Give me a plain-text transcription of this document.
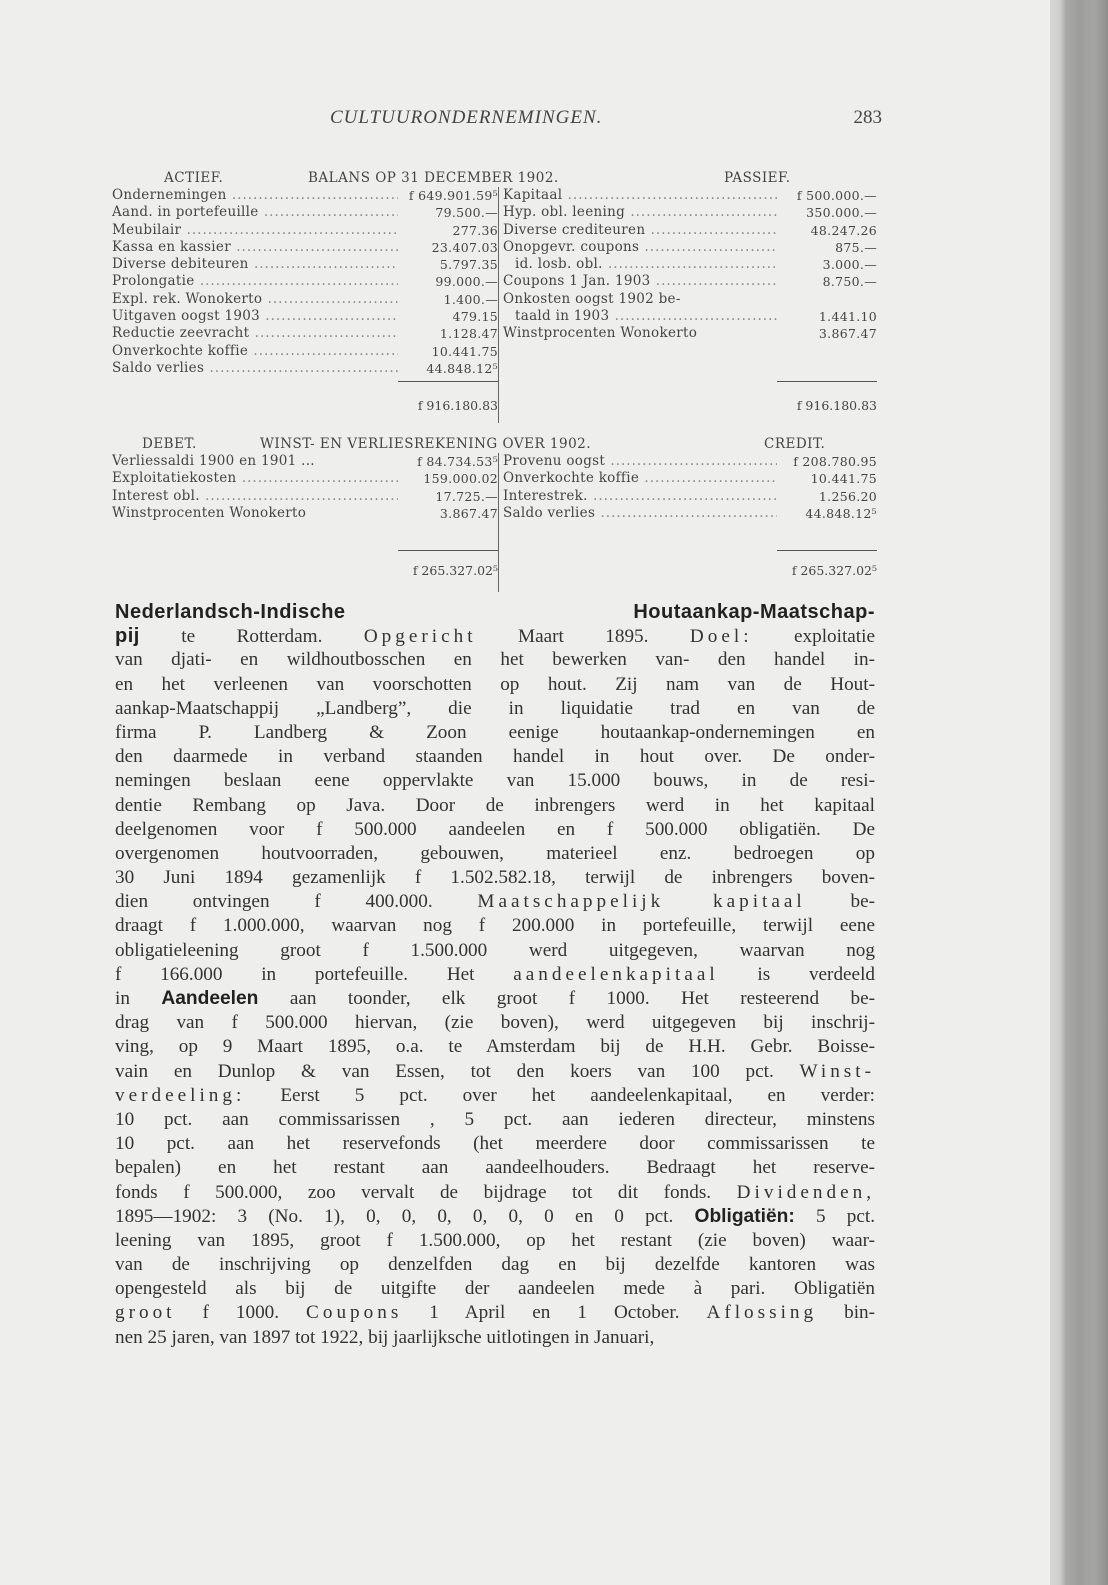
CULTUURONDERNEMINGEN.	283
ACTIEF.	BALANS OP 31 DECEMBER 1902.	PASSIEF.
Ondernemingen .....	f 649.901.59⁵
Aand. in portefeuille .....	79.500.—
Meubilair .....	277.36
Kassa en kassier .....	23.407.03
Diverse debiteuren .....	5.797.35
Prolongatie .....	99.000.—
Expl. rek. Wonokerto .....	1.400.—
Uitgaven oogst 1903 .....	479.15
Reductie zeevracht .....	1.128.47
Onverkochte koffie .....	10.441.75
Saldo verlies .....	44.848.12⁵
Kapitaal .....	f 500.000.—
Hyp. obl. leening .....	350.000.—
Diverse crediteuren .....	48.247.26
Onopgevr. coupons .....	875.—
id. losb. obl. .....	3.000.—
Coupons 1 Jan. 1903 .....	8.750.—
Onkosten oogst 1902 be-
taald in 1903 .....	1.441.10
Winstprocenten Wonokerto	3.867.47
f 916.180.83	f 916.180.83
DEBET.	WINST- EN VERLIESREKENING OVER 1902.	CREDIT.
Verliessaldi 1900 en 1901 ...	f 84.734.53⁵
Exploitatiekosten .....	159.000.02
Interest obl. .....	17.725.—
Winstprocenten Wonokerto	3.867.47
Provenu oogst .....	f 208.780.95
Onverkochte koffie .....	10.441.75
Interestrek. .....	1.256.20
Saldo verlies .....	44.848.12⁵
f 265.327.02⁵	f 265.327.02⁵
Nederlandsch-Indische Houtaankap-Maatschap-
pij te Rotterdam. Opgericht Maart 1895. Doel: exploitatie
van djati- en wildhoutbosschen en het bewerken van- den handel in-
en het verleenen van voorschotten op hout. Zij nam van de Hout-
aankap-Maatschappij „Landberg”, die in liquidatie trad en van de
firma P. Landberg & Zoon eenige houtaankap-ondernemingen en
den daarmede in verband staanden handel in hout over. De onder-
nemingen beslaan eene oppervlakte van 15.000 bouws, in de resi-
dentie Rembang op Java. Door de inbrengers werd in het kapitaal
deelgenomen voor f 500.000 aandeelen en f 500.000 obligatiën. De
overgenomen houtvoorraden, gebouwen, materieel enz. bedroegen op
30 Juni 1894 gezamenlijk f 1.502.582.18, terwijl de inbrengers boven-
dien ontvingen f 400.000. Maatschappelijk kapitaal be-
draagt f 1.000.000, waarvan nog f 200.000 in portefeuille, terwijl eene
obligatieleening groot f 1.500.000 werd uitgegeven, waarvan nog
f 166.000 in portefeuille. Het aandeelenkapitaal is verdeeld
in Aandeelen aan toonder, elk groot f 1000. Het resteerend be-
drag van f 500.000 hiervan, (zie boven), werd uitgegeven bij inschrij-
ving, op 9 Maart 1895, o.a. te Amsterdam bij de H.H. Gebr. Boisse-
vain en Dunlop & van Essen, tot den koers van 100 pct. Winst-
verdeeling: Eerst 5 pct. over het aandeelenkapitaal, en verder:
10 pct. aan commissarissen , 5 pct. aan iederen directeur, minstens
10 pct. aan het reservefonds (het meerdere door commissarissen te
bepalen) en het restant aan aandeelhouders. Bedraagt het reserve-
fonds f 500.000, zoo vervalt de bijdrage tot dit fonds. Dividenden,
1895—1902: 3 (No. 1), 0, 0, 0, 0, 0, 0 en 0 pct. Obligatiën: 5 pct.
leening van 1895, groot f 1.500.000, op het restant (zie boven) waar-
van de inschrijving op denzelfden dag en bij dezelfde kantoren was
opengesteld als bij de uitgifte der aandeelen mede à pari. Obligatiën
groot f 1000. Coupons 1 April en 1 October. Aflossing bin-
nen 25 jaren, van 1897 tot 1922, bij jaarlijksche uitlotingen in Januari,
